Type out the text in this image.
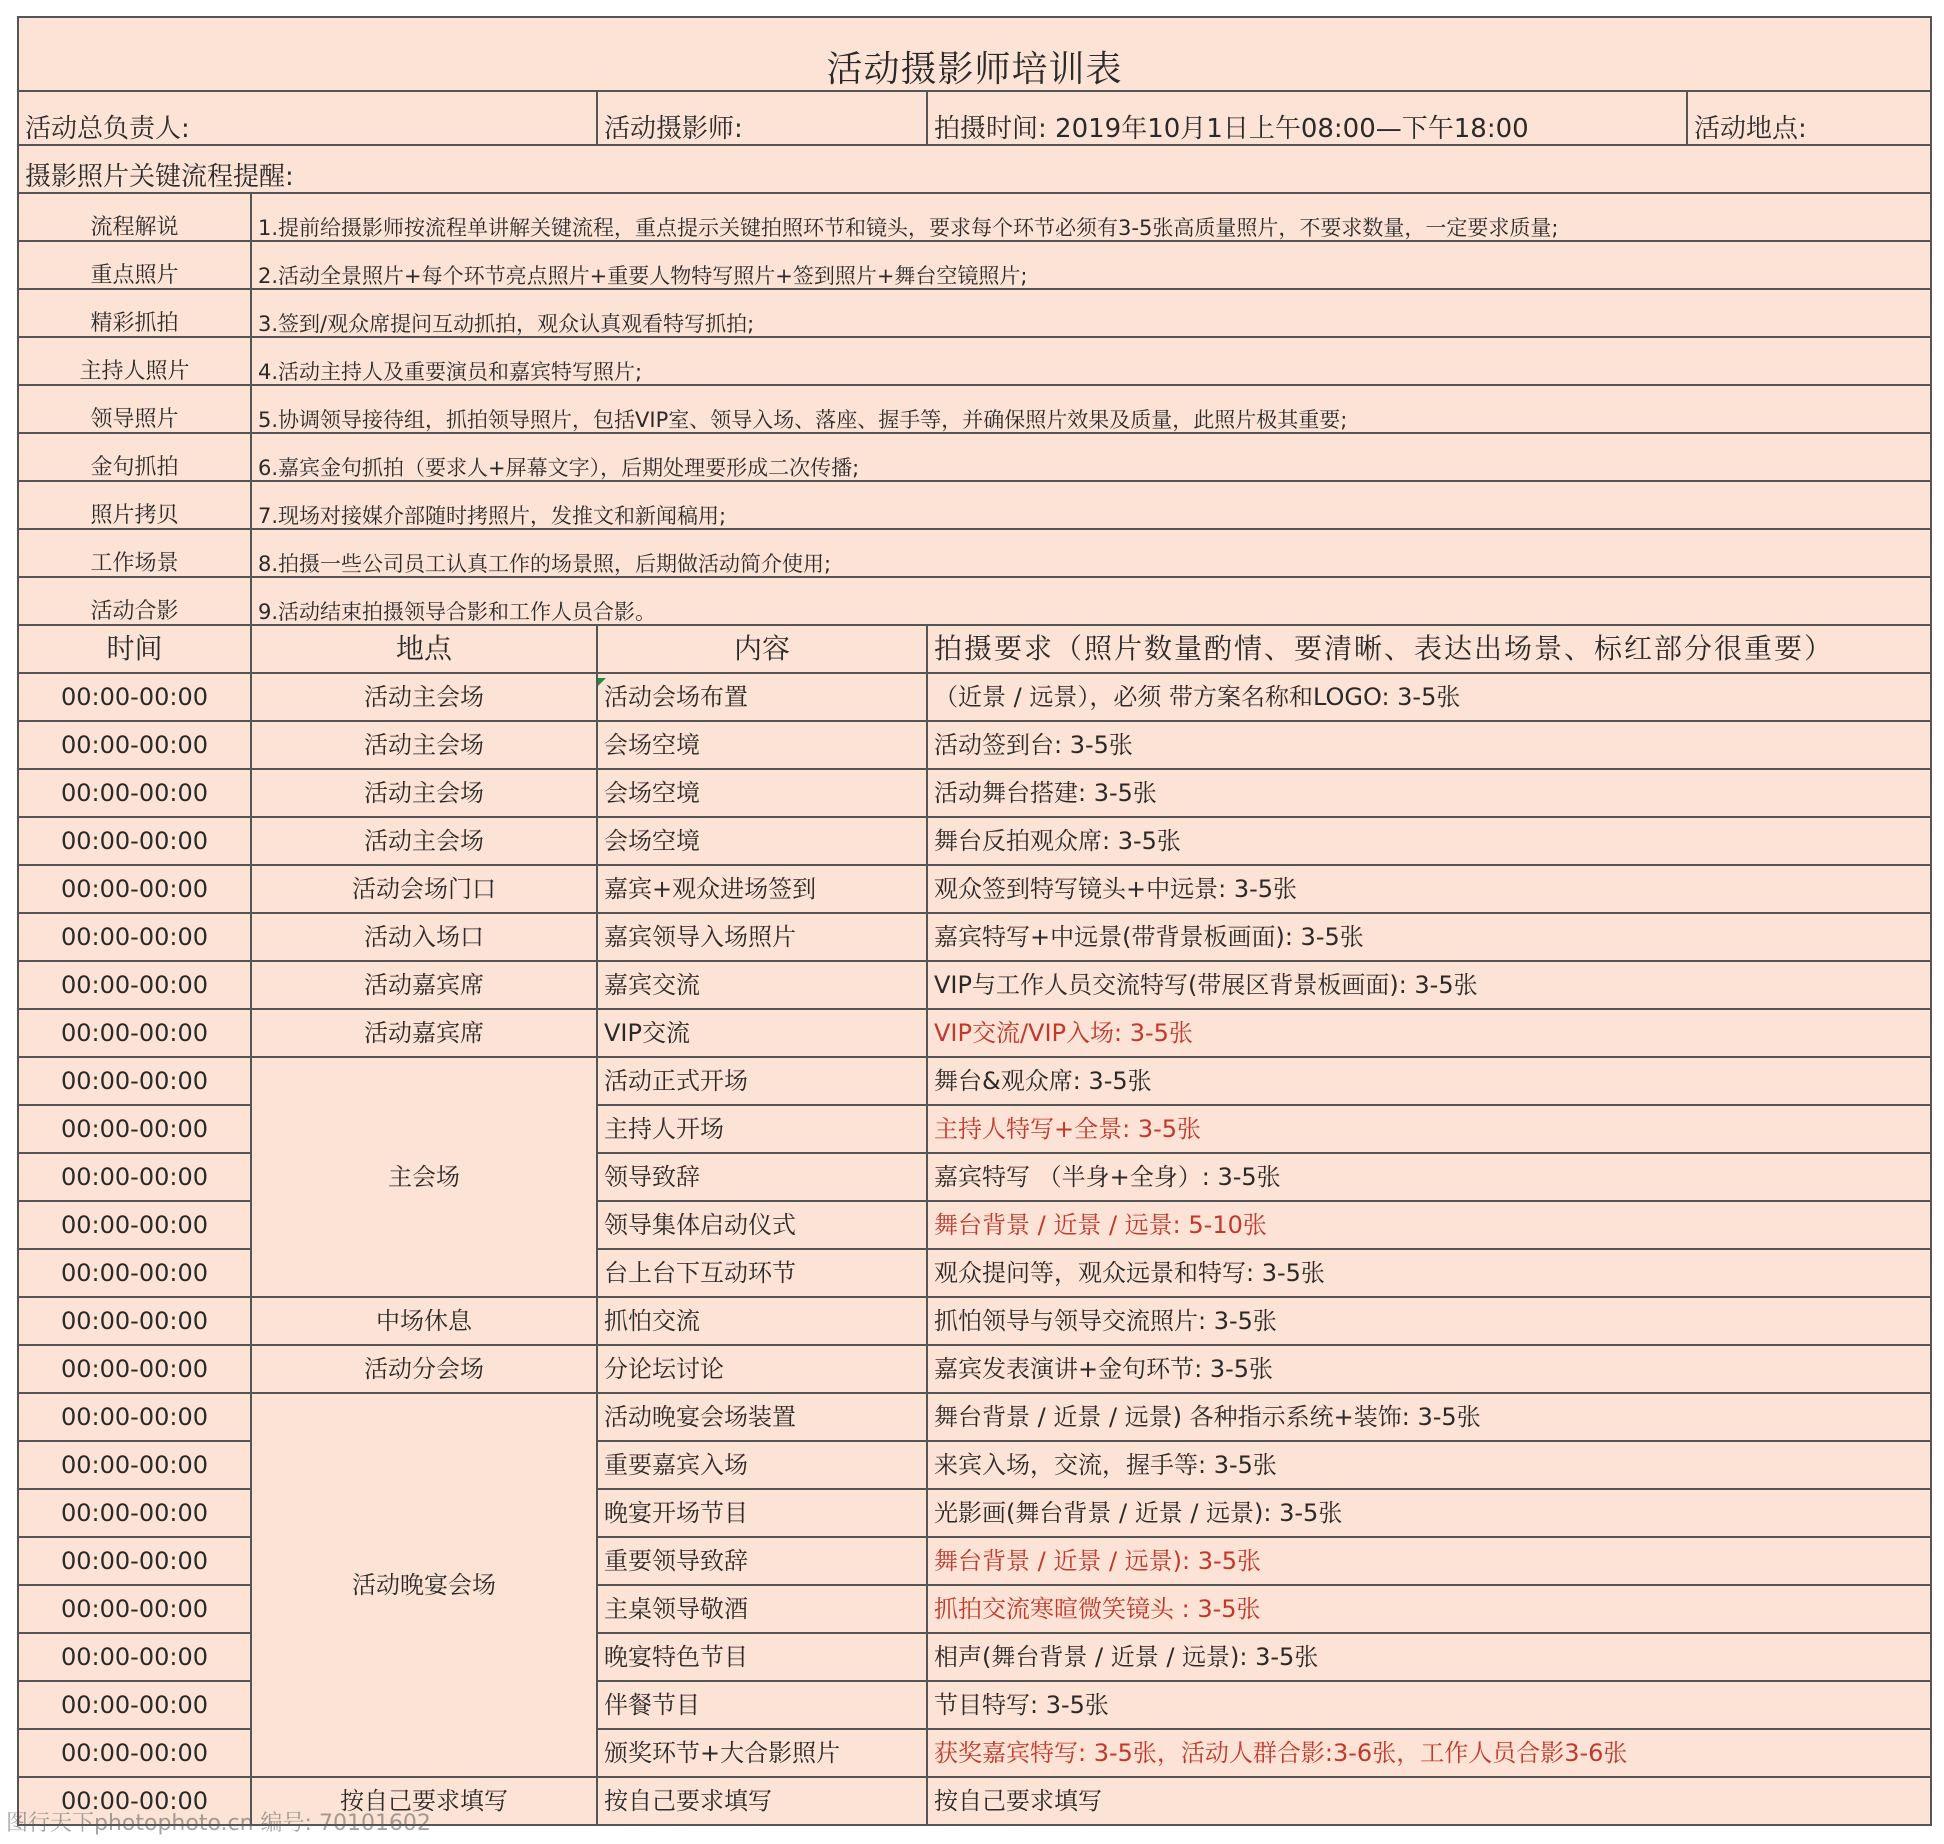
活动摄影师培训表				
活动总负责人:		活动摄影师:	拍摄时间: 2019年10月1日上午08:00—下午18:00	活动地点:
摄影照片关键流程提醒:				
流程解说	1.提前给摄影师按流程单讲解关键流程，重点提示关键拍照环节和镜头，要求每个环节必须有3-5张高质量照片，不要求数量，一定要求质量;			
重点照片	2.活动全景照片+每个环节亮点照片+重要人物特写照片+签到照片+舞台空镜照片;			
精彩抓拍	3.签到/观众席提问互动抓拍，观众认真观看特写抓拍;			
主持人照片	4.活动主持人及重要演员和嘉宾特写照片;			
领导照片	5.协调领导接待组，抓拍领导照片，包括VIP室、领导入场、落座、握手等，并确保照片效果及质量，此照片极其重要;			
金句抓拍	6.嘉宾金句抓拍（要求人+屏幕文字），后期处理要形成二次传播;			
照片拷贝	7.现场对接媒介部随时拷照片，发推文和新闻稿用;			
工作场景	8.拍摄一些公司员工认真工作的场景照，后期做活动简介使用;			
活动合影	9.活动结束拍摄领导合影和工作人员合影。			
时间	地点	内容	拍摄要求（照片数量酌情、要清晰、表达出场景、标红部分很重要）	
00:00-00:00	活动主会场	活动会场布置	（近景 / 远景），必须 带方案名称和LOGO: 3-5张	
00:00-00:00	活动主会场	会场空境	活动签到台: 3-5张	
00:00-00:00	活动主会场	会场空境	活动舞台搭建: 3-5张	
00:00-00:00	活动主会场	会场空境	舞台反拍观众席: 3-5张	
00:00-00:00	活动会场门口	嘉宾+观众进场签到	观众签到特写镜头+中远景: 3-5张	
00:00-00:00	活动入场口	嘉宾领导入场照片	嘉宾特写+中远景(带背景板画面): 3-5张	
00:00-00:00	活动嘉宾席	嘉宾交流	VIP与工作人员交流特写(带展区背景板画面): 3-5张	
00:00-00:00	活动嘉宾席	VIP交流	VIP交流/VIP入场: 3-5张	
00:00-00:00	主会场	活动正式开场	舞台&观众席: 3-5张	
00:00-00:00		主持人开场	主持人特写+全景: 3-5张	
00:00-00:00		领导致辞	嘉宾特写 （半身+全身）: 3-5张	
00:00-00:00		领导集体启动仪式	舞台背景 / 近景 / 远景: 5-10张	
00:00-00:00		台上台下互动环节	观众提问等，观众远景和特写: 3-5张	
00:00-00:00	中场休息	抓怕交流	抓怕领导与领导交流照片: 3-5张	
00:00-00:00	活动分会场	分论坛讨论	嘉宾发表演讲+金句环节: 3-5张	
00:00-00:00	活动晚宴会场	活动晚宴会场装置	舞台背景 / 近景 / 远景) 各种指示系统+装饰: 3-5张	
00:00-00:00		重要嘉宾入场	来宾入场，交流，握手等: 3-5张	
00:00-00:00		晚宴开场节目	光影画(舞台背景 / 近景 / 远景): 3-5张	
00:00-00:00		重要领导致辞	舞台背景 / 近景 / 远景): 3-5张	
00:00-00:00		主桌领导敬酒	抓拍交流寒暄微笑镜头 : 3-5张	
00:00-00:00		晚宴特色节目	相声(舞台背景 / 近景 / 远景): 3-5张	
00:00-00:00		伴餐节目	节目特写: 3-5张	
00:00-00:00		颁奖环节+大合影照片	获奖嘉宾特写: 3-5张，活动人群合影:3-6张，工作人员合影3-6张	
00:00-00:00	按自己要求填写	按自己要求填写	按自己要求填写	
图行天下photophoto.cn 编号: 70101602
